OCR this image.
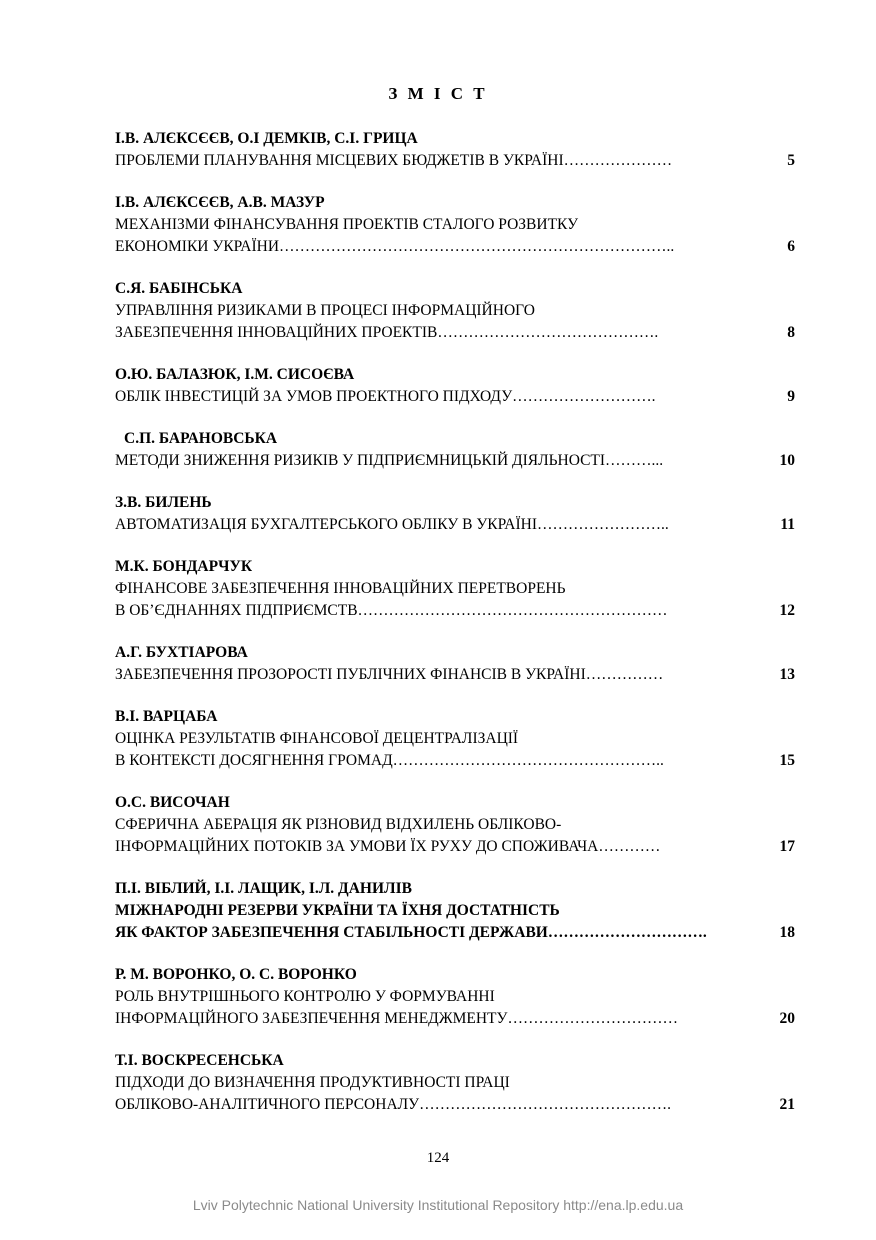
З М І С Т
І.В. АЛЄКСЄЄВ, О.І ДЕМКІВ, С.І. ГРИЦА
ПРОБЛЕМИ ПЛАНУВАННЯ МІСЦЕВИХ БЮДЖЕТІВ В УКРАЇНІ…………………	5
І.В. АЛЄКСЄЄВ, А.В. МАЗУР
МЕХАНІЗМИ ФІНАНСУВАННЯ ПРОЕКТІВ СТАЛОГО РОЗВИТКУ
ЕКОНОМІКИ УКРАЇНИ…………………………………………………………………..	6
С.Я. БАБІНСЬКА
УПРАВЛІННЯ РИЗИКАМИ В ПРОЦЕСІ ІНФОРМАЦІЙНОГО
ЗАБЕЗПЕЧЕННЯ ІННОВАЦІЙНИХ ПРОЕКТІВ…………………………………….	8
О.Ю. БАЛАЗЮК, І.М. СИСОЄВА
ОБЛІК ІНВЕСТИЦІЙ ЗА УМОВ ПРОЕКТНОГО ПІДХОДУ……………………….	9
С.П. БАРАНОВСЬКА
МЕТОДИ ЗНИЖЕННЯ РИЗИКІВ У ПІДПРИЄМНИЦЬКІЙ ДІЯЛЬНОСТІ………...	10
З.В. БИЛЕНЬ
АВТОМАТИЗАЦІЯ БУХГАЛТЕРСЬКОГО ОБЛІКУ В УКРАЇНІ……………………..	11
М.К. БОНДАРЧУК
ФІНАНСОВЕ ЗАБЕЗПЕЧЕННЯ ІННОВАЦІЙНИХ ПЕРЕТВОРЕНЬ
В ОБ’ЄДНАННЯХ ПІДПРИЄМСТВ……………………………………………………	12
А.Г. БУХТІАРОВА
ЗАБЕЗПЕЧЕННЯ ПРОЗОРОСТІ ПУБЛІЧНИХ ФІНАНСІВ В УКРАЇНІ……………	13
В.І. ВАРЦАБА
ОЦІНКА РЕЗУЛЬТАТІВ ФІНАНСОВОЇ ДЕЦЕНТРАЛІЗАЦІЇ
В КОНТЕКСТІ ДОСЯГНЕННЯ ГРОМАД……………………………………………..	15
О.С. ВИСОЧАН
СФЕРИЧНА АБЕРАЦІЯ ЯК РІЗНОВИД ВІДХИЛЕНЬ ОБЛІКОВО-
ІНФОРМАЦІЙНИХ ПОТОКІВ ЗА УМОВИ ЇХ РУХУ ДО СПОЖИВАЧА…………	17
П.І. ВІБЛИЙ, І.І. ЛАЩИК, І.Л. ДАНИЛІВ
МІЖНАРОДНІ РЕЗЕРВИ УКРАЇНИ ТА ЇХНЯ ДОСТАТНІСТЬ
ЯК ФАКТОР ЗАБЕЗПЕЧЕННЯ СТАБІЛЬНОСТІ ДЕРЖАВИ………………………….	18
Р. М. ВОРОНКО, О. С. ВОРОНКО
РОЛЬ ВНУТРІШНЬОГО КОНТРОЛЮ У ФОРМУВАННІ
ІНФОРМАЦІЙНОГО ЗАБЕЗПЕЧЕННЯ МЕНЕДЖМЕНТУ……………………………	20
Т.І. ВОСКРЕСЕНСЬКА
ПІДХОДИ ДО ВИЗНАЧЕННЯ ПРОДУКТИВНОСТІ ПРАЦІ
ОБЛІКОВО-АНАЛІТИЧНОГО ПЕРСОНАЛУ………………………………………….	21
124
Lviv Polytechnic National University Institutional Repository http://ena.lp.edu.ua
